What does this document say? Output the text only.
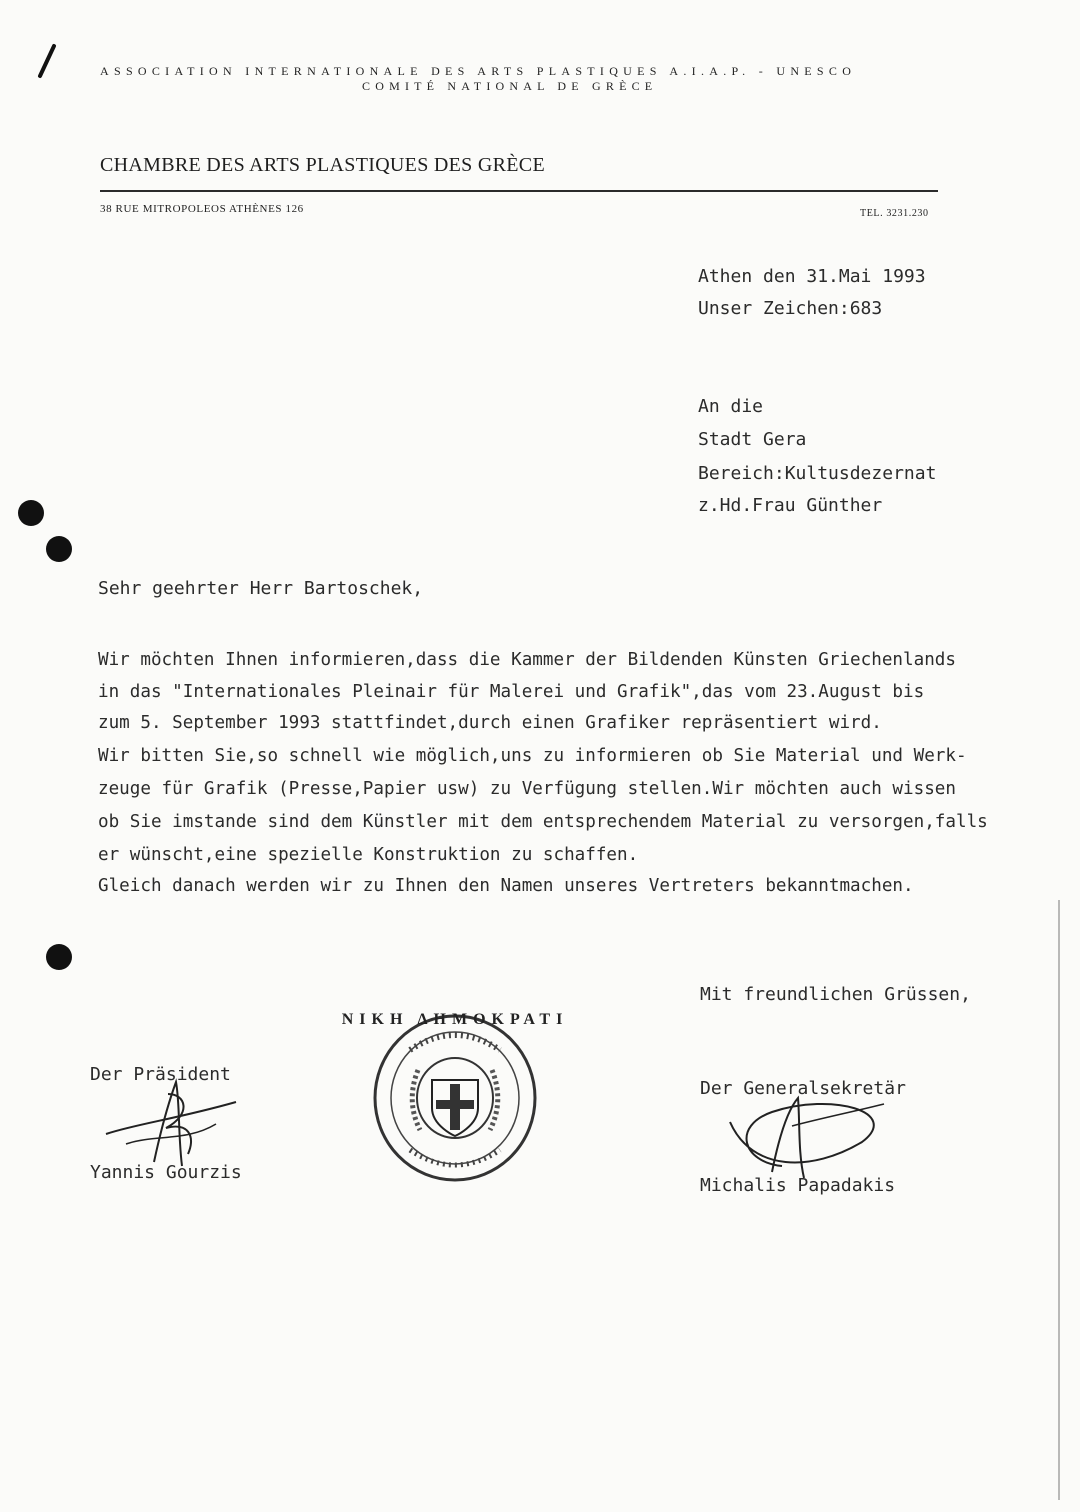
ASSOCIATION INTERNATIONALE DES ARTS PLASTIQUES A.I.A.P. - UNESCO
COMITÉ NATIONAL DE GRÈCE
CHAMBRE DES ARTS PLASTIQUES DES GRÈCE
38 RUE MITROPOLEOS ATHÈNES 126	TEL. 3231.230
Athen den 31.Mai 1993
Unser Zeichen:683
An die
Stadt Gera
Bereich:Kultusdezernat
z.Hd.Frau Günther
Sehr geehrter Herr Bartoschek,
Wir möchten Ihnen informieren,dass die Kammer der Bildenden Künsten Griechenlands
in das "Internationales Pleinair für Malerei und Grafik",das vom 23.August bis
zum 5. September 1993 stattfindet,durch einen Grafiker repräsentiert wird.
Wir bitten Sie,so schnell wie möglich,uns zu informieren ob Sie Material und Werk-
zeuge für Grafik (Presse,Papier usw) zu Verfügung stellen.Wir möchten auch wissen
ob Sie imstande sind dem Künstler mit dem entsprechendem Material zu versorgen,falls
er wünscht,eine spezielle Konstruktion zu schaffen.
Gleich danach werden wir zu Ihnen den Namen unseres Vertreters bekanntmachen.
Mit freundlichen Grüssen,
Der Präsident
Yannis Gourzis
ΝΙΚΗ ΔΗΜΟΚΡΑΤΙ
Der Generalsekretär
Michalis Papadakis
